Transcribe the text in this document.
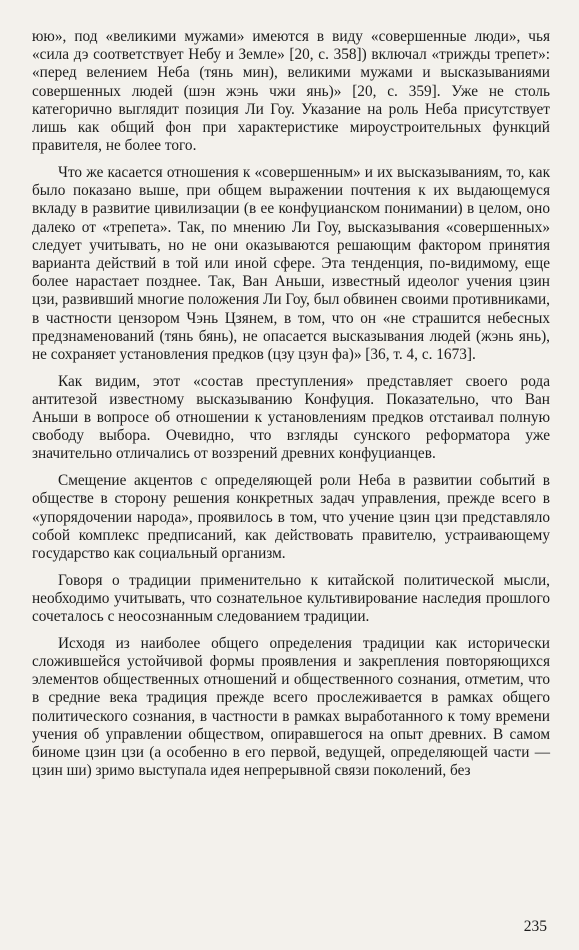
юю», под «великими мужами» имеются в виду «совершенные люди», чья «сила дэ соответствует Небу и Земле» [20, с. 358]) включал «трижды трепет»: «перед велением Неба (тянь мин), великими мужами и высказываниями совершенных людей (шэн жэнь чжи янь)» [20, с. 359]. Уже не столь категорично выглядит позиция Ли Гоу. Указание на роль Неба присутствует лишь как общий фон при характеристике мироустроительных функций правителя, не более того.

Что же касается отношения к «совершенным» и их высказываниям, то, как было показано выше, при общем выражении почтения к их выдающемуся вкладу в развитие цивилизации (в ее конфуцианском понимании) в целом, оно далеко от «трепета». Так, по мнению Ли Гоу, высказывания «совершенных» следует учитывать, но не они оказываются решающим фактором принятия варианта действий в той или иной сфере. Эта тенденция, по-видимому, еще более нарастает позднее. Так, Ван Аньши, известный идеолог учения цзин цзи, развивший многие положения Ли Гоу, был обвинен своими противниками, в частности цензором Чэнь Цзянем, в том, что он «не страшится небесных предзнаменований (тянь бянь), не опасается высказывания людей (жэнь янь), не сохраняет установления предков (цзу цзун фа)» [36, т. 4, с. 1673].

Как видим, этот «состав преступления» представляет своего рода антитезой известному высказыванию Конфуция. Показательно, что Ван Аньши в вопросе об отношении к установлениям предков отстаивал полную свободу выбора. Очевидно, что взгляды сунского реформатора уже значительно отличались от воззрений древних конфуцианцев.

Смещение акцентов с определяющей роли Неба в развитии событий в обществе в сторону решения конкретных задач управления, прежде всего в «упорядочении народа», проявилось в том, что учение цзин цзи представляло собой комплекс предписаний, как действовать правителю, устраивающему государство как социальный организм.

Говоря о традиции применительно к китайской политической мысли, необходимо учитывать, что сознательное культивирование наследия прошлого сочеталось с неосознанным следованием традиции.

Исходя из наиболее общего определения традиции как исторически сложившейся устойчивой формы проявления и закрепления повторяющихся элементов общественных отношений и общественного сознания, отметим, что в средние века традиция прежде всего прослеживается в рамках общего политического сознания, в частности в рамках выработанного к тому времени учения об управлении обществом, опиравшегося на опыт древних. В самом биноме цзин цзи (а особенно в его первой, ведущей, определяющей части — цзин ши) зримо выступала идея непрерывной связи поколений, без

235
